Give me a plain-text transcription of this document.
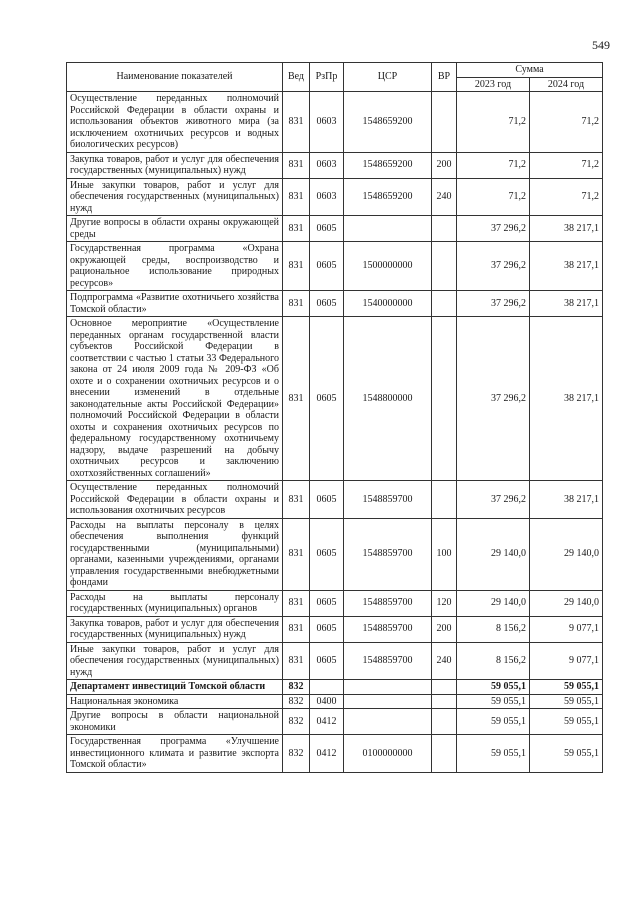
549
Наименование показателей	Вед	РзПр	ЦСР	ВР	Сумма	
					2023 год	2024 год
Осуществление переданных полномочий Российской Федерации в области охраны и использования объектов животного мира (за исключением охотничьих ресурсов и водных биологических ресурсов)	831	0603	1548659200		71,2	71,2
Закупка товаров, работ и услуг для обеспечения государственных (муниципальных) нужд	831	0603	1548659200	200	71,2	71,2
Иные закупки товаров, работ и услуг для обеспечения государственных (муниципальных) нужд	831	0603	1548659200	240	71,2	71,2
Другие вопросы в области охраны окружающей среды	831	0605			37 296,2	38 217,1
Государственная программа «Охрана окружающей среды, воспроизводство и рациональное использование природных ресурсов»	831	0605	1500000000		37 296,2	38 217,1
Подпрограмма «Развитие охотничьего хозяйства Томской области»	831	0605	1540000000		37 296,2	38 217,1
Основное мероприятие «Осуществление переданных органам государственной власти субъектов Российской Федерации в соответствии с частью 1 статьи 33 Федерального закона от 24 июля 2009 года № 209-ФЗ «Об охоте и о сохранении охотничьих ресурсов и о внесении изменений в отдельные законодательные акты Российской Федерации» полномочий Российской Федерации в области охоты и сохранения охотничьих ресурсов по федеральному государственному охотничьему надзору, выдаче разрешений на добычу охотничьих ресурсов и заключению охотхозяйственных соглашений»	831	0605	1548800000		37 296,2	38 217,1
Осуществление переданных полномочий Российской Федерации в области охраны и использования охотничьих ресурсов	831	0605	1548859700		37 296,2	38 217,1
Расходы на выплаты персоналу в целях обеспечения выполнения функций государственными (муниципальными) органами, казенными учреждениями, органами управления государственными внебюджетными фондами	831	0605	1548859700	100	29 140,0	29 140,0
Расходы на выплаты персоналу государственных (муниципальных) органов	831	0605	1548859700	120	29 140,0	29 140,0
Закупка товаров, работ и услуг для обеспечения государственных (муниципальных) нужд	831	0605	1548859700	200	8 156,2	9 077,1
Иные закупки товаров, работ и услуг для обеспечения государственных (муниципальных) нужд	831	0605	1548859700	240	8 156,2	9 077,1
Департамент инвестиций Томской области	832				59 055,1	59 055,1
Национальная экономика	832	0400			59 055,1	59 055,1
Другие вопросы в области национальной экономики	832	0412			59 055,1	59 055,1
Государственная программа «Улучшение инвестиционного климата и развитие экспорта Томской области»	832	0412	0100000000		59 055,1	59 055,1
